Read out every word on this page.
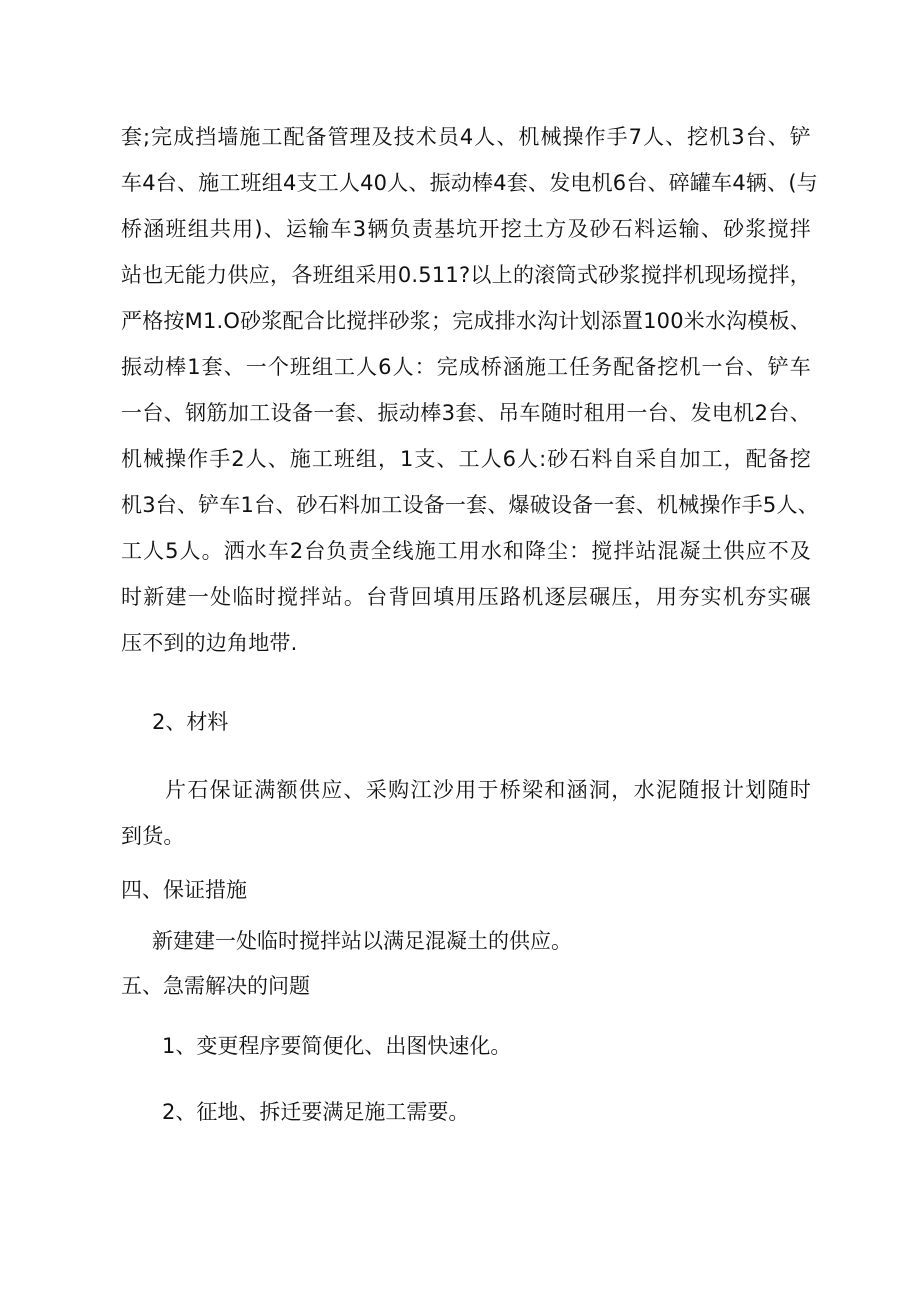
套;完成挡墙施工配备管理及技术员4人、机械操作手7人、挖机3台、铲
车4台、施工班组4支工人40人、振动棒4套、发电机6台、碎罐车4辆、(与
桥涵班组共用)、运输车3辆负责基坑开挖土方及砂石料运输、砂浆搅拌
站也无能力供应，各班组采用0.511?以上的滚筒式砂浆搅拌机现场搅拌，
严格按M1.O砂浆配合比搅拌砂浆；完成排水沟计划添置100米水沟模板、
振动棒1套、一个班组工人6人：完成桥涵施工任务配备挖机一台、铲车
一台、钢筋加工设备一套、振动棒3套、吊车随时租用一台、发电机2台、
机械操作手2人、施工班组，1支、工人6人:砂石料自采自加工，配备挖
机3台、铲车1台、砂石料加工设备一套、爆破设备一套、机械操作手5人、
工人5人。洒水车2台负责全线施工用水和降尘：搅拌站混凝土供应不及
时新建一处临时搅拌站。台背回填用压路机逐层碾压，用夯实机夯实碾
压不到的边角地带.

2、材料

片石保证满额供应、采购江沙用于桥梁和涵洞，水泥随报计划随时
到货。

四、保证措施

新建建一处临时搅拌站以满足混凝土的供应。

五、急需解决的问题

1、变更程序要简便化、出图快速化。

2、征地、拆迁要满足施工需要。
